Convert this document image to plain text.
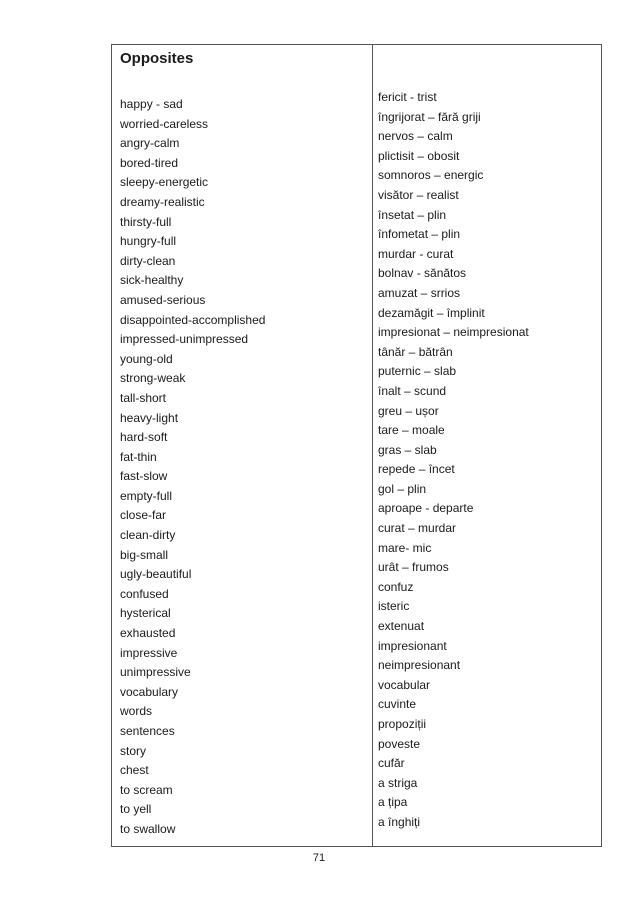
Opposites
happy - sad
worried-careless
angry-calm
bored-tired
sleepy-energetic
dreamy-realistic
thirsty-full
hungry-full
dirty-clean
sick-healthy
amused-serious
disappointed-accomplished
impressed-unimpressed
young-old
strong-weak
tall-short
heavy-light
hard-soft
fat-thin
fast-slow
empty-full
close-far
clean-dirty
big-small
ugly-beautiful
confused
hysterical
exhausted
impressive
unimpressive
vocabulary
words
sentences
story
chest
to scream
to yell
to swallow
fericit - trist
îngrijorat – fără griji
nervos – calm
plictisit – obosit
somnoros – energic
visător – realist
însetat – plin
înfometat – plin
murdar - curat
bolnav - sănătos
amuzat – srrios
dezamăgit – împlinit
impresionat – neimpresionat
tânăr – bătrân
puternic – slab
înalt – scund
greu – ușor
tare – moale
gras – slab
repede – încet
gol – plin
aproape - departe
curat – murdar
mare- mic
urât – frumos
confuz
isteric
extenuat
impresionant
neimpresionant
vocabular
cuvinte
propoziții
poveste
cufăr
a striga
a țipa
a înghiți
71
